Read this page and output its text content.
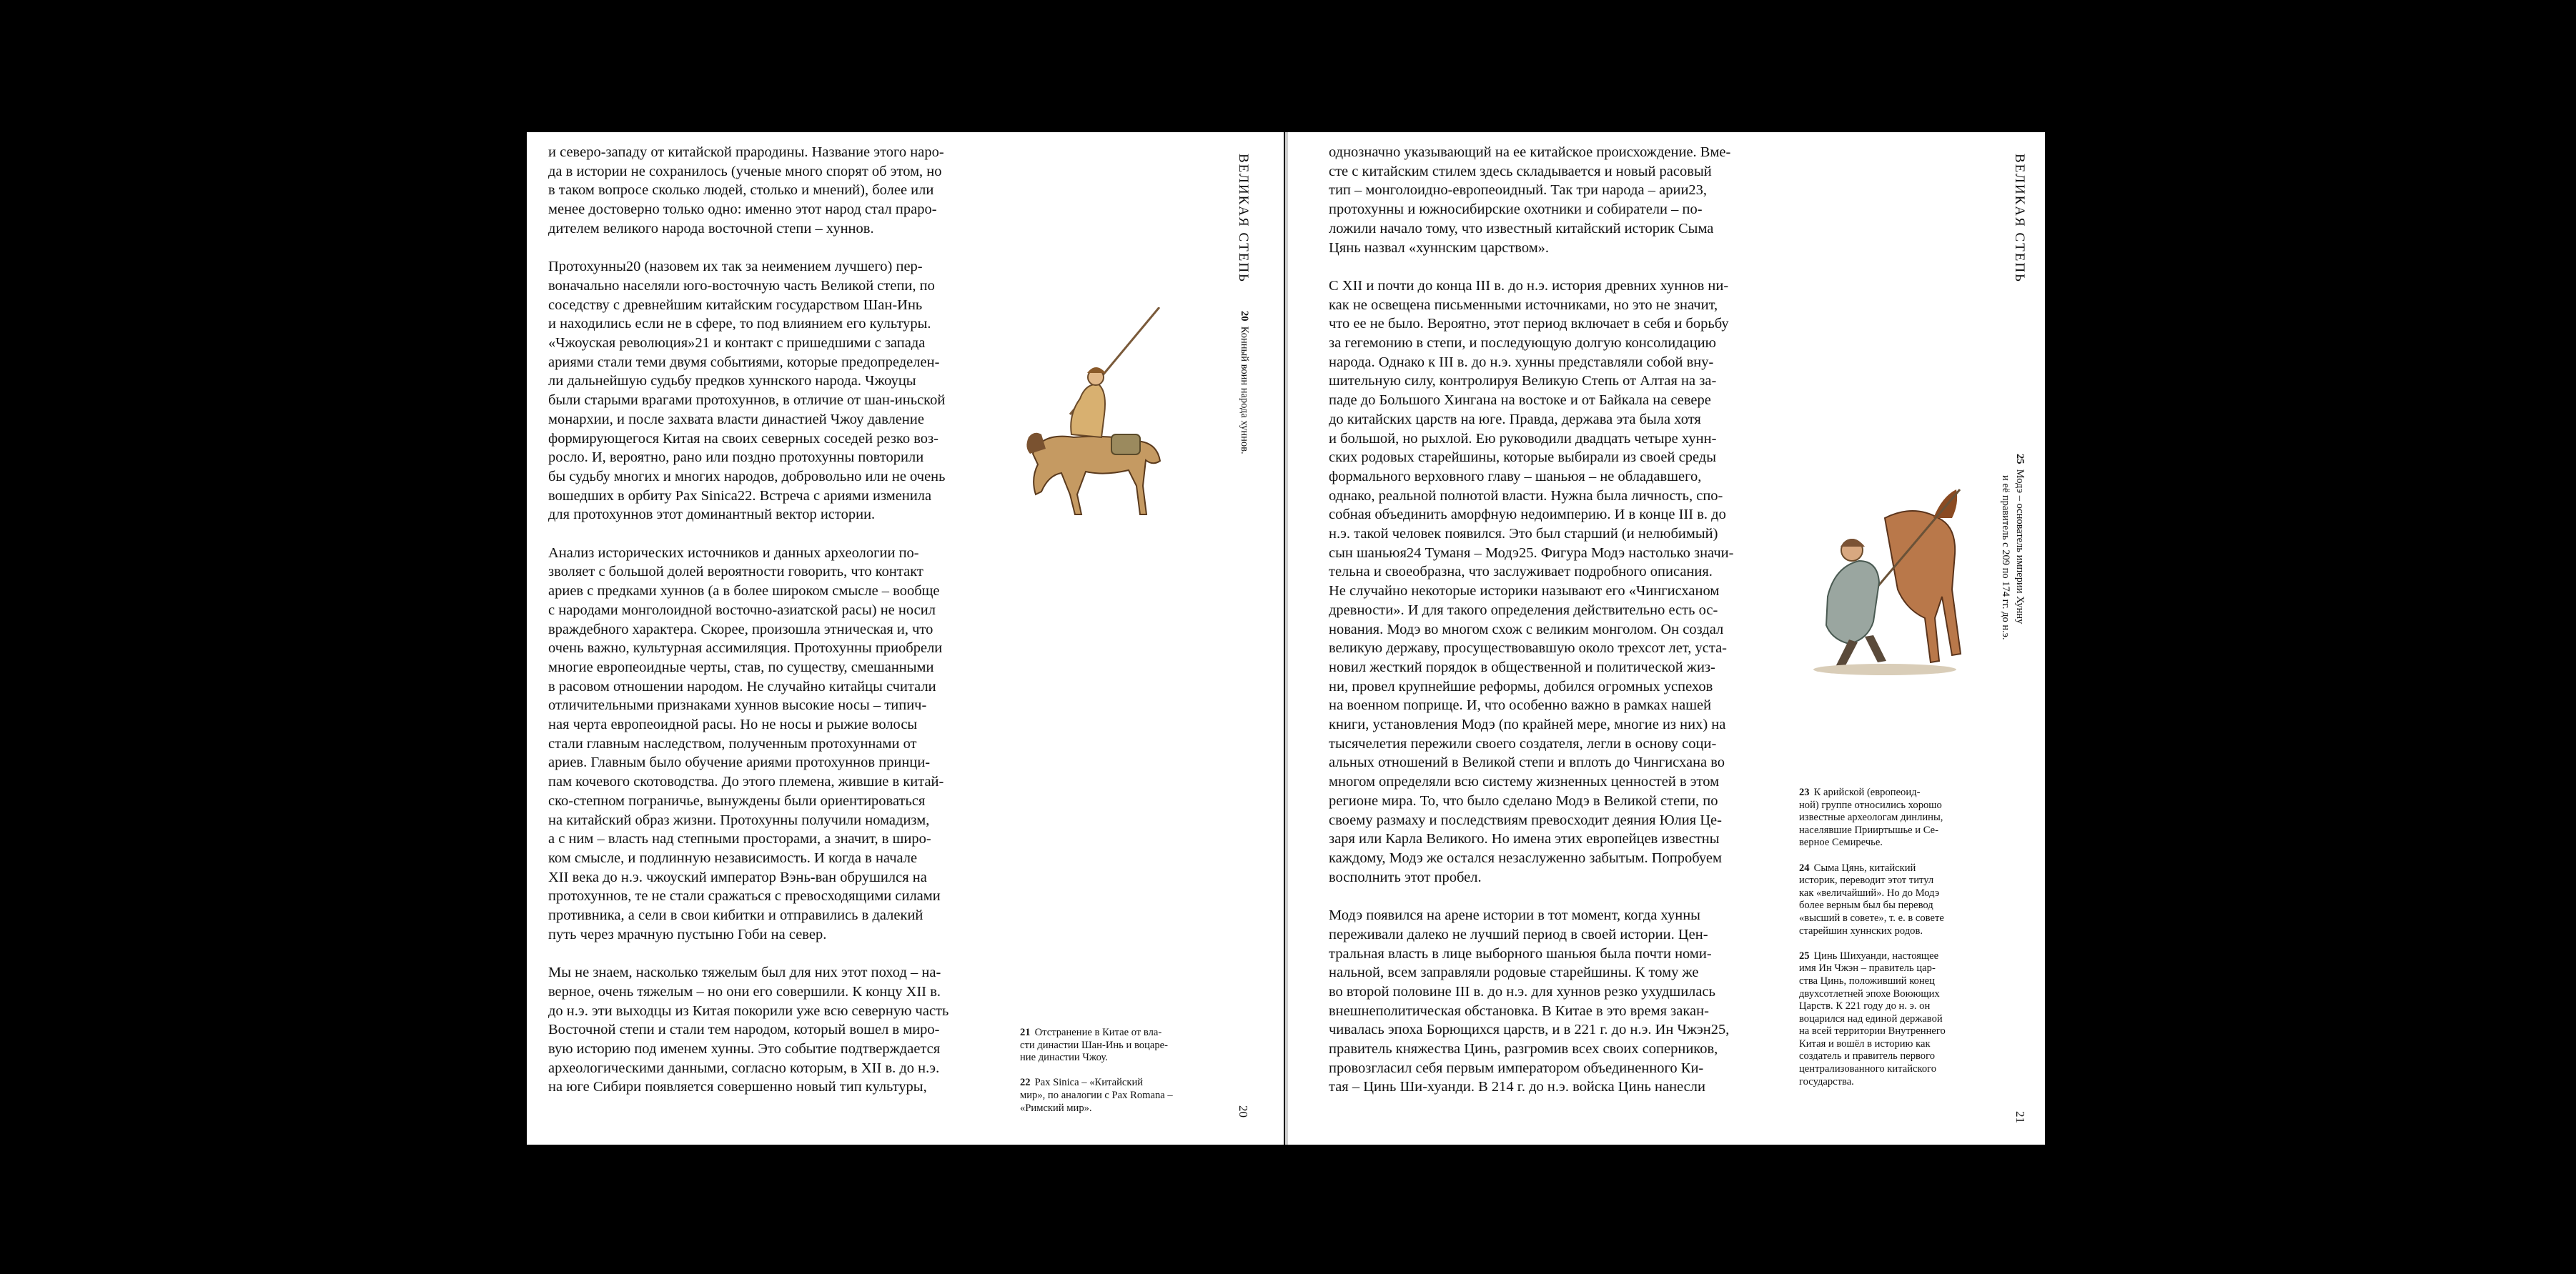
и северо-западу от китайской прародины. Название этого наро-

да в истории не сохранилось (ученые много спорят об этом, но

в таком вопросе сколько людей, столько и мнений), более или

менее достоверно только одно: именно этот народ стал прaро-

дителем великого народа восточной степи – хуннов.

Протохунны20 (назовем их так за неимением лучшего) пер-

воначально населяли юго-восточную часть Великой степи, по

соседству с древнейшим китайским государством Шан-Инь

и находились если не в сфере, то под влиянием его культуры.

«Чжоуская революция»21 и контакт с пришедшими с запада

ариями стали теми двумя событиями, которые предопределен-

ли дальнейшую судьбу предков хуннского народа. Чжоуцы

были старыми врагами протохуннов, в отличие от шан-иньской

монархии, и после захвата власти династией Чжоу давление

формирующегося Китая на своих северных соседей резко воз-

росло. И, вероятно, рано или поздно протохунны повторили

бы судьбу многих и многих народов, добровольно или не очень

вошедших в орбиту Pax Sinica22. Встреча с ариями изменила

для протохуннов этот доминантный вектор истории.

Анализ исторических источников и данных археологии по-

зволяет с большой долей вероятности говорить, что контакт

ариев с предками хуннов (а в более широком смысле – вообще

с народами монголоидной восточно-азиатской расы) не носил

враждебного характера. Скорее, произошла этническая и, что

очень важно, культурная ассимиляция. Протохунны приобрели

многие европеоидные черты, став, по существу, смешанными

в расовом отношении народом. Не случайно китайцы считали

отличительными признаками хуннов высокие носы – типич-

ная черта европеоидной расы. Но не носы и рыжие волосы

стали главным наследством, полученным протохуннами от

ариев. Главным было обучение ариями протохуннов принци-

пам кочевого скотоводства. До этого племена, жившие в китай-

ско-степном пограничье, вынуждены были ориентироваться

на китайский образ жизни. Протохунны получили номадизм,

а с ним – власть над степными просторами, а значит, в широ-

ком смысле, и подлинную независимость. И когда в начале

XII века до н.э. чжоуский император Вэнь-ван обрушился на

протохуннов, те не стали сражаться с превосходящими силами

противника, а сели в свои кибитки и отправились в далекий

путь через мрачную пустыню Гоби на север.

Мы не знаем, насколько тяжелым был для них этот поход – на-

верное, очень тяжелым – но они его совершили. К концу XII в.

до н.э. эти выходцы из Китая покорили уже всю северную часть

Восточной степи и стали тем народом, который вошел в миро-

вую историю под именем хунны. Это событие подтверждается

археологическими данными, согласно которым, в XII в. до н.э.

на юге Сибири появляется совершенно новый тип культуры,

ВЕЛИКАЯ СТЕПЬ
20  Конный воин народа хуннов.
20

21 Отстранение в Китае от вла-

сти династии Шан-Инь и воцаре-

ние династии Чжоу.

22 Pax Sinica – «Китайский

мир», по аналогии с Pax Romana –

«Римский мир».

однозначно указывающий на ее китайское происхождение. Вме-

сте с китайским стилем здесь складывается и новый расовый

тип – монголоидно-европеоидный. Так три народа – арии23,

протохунны и южносибирские охотники и собиратели – по-

ложили начало тому, что известный китайский историк Сыма

Цянь назвал «хуннским царством».

С XII и почти до конца III в. до н.э. история древних хуннов ни-

как не освещена письменными источниками, но это не значит,

что ее не было. Вероятно, этот период включает в себя и борьбу

за гегемонию в степи, и последующую долгую консолидацию

народа. Однако к III в. до н.э. хунны представляли собой вну-

шительную силу, контролируя Великую Степь от Алтая на за-

паде до Большого Хингана на востоке и от Байкала на севере

до китайских царств на юге. Правда, держава эта была хотя

и большой, но рыхлой. Ею руководили двадцать четыре хунн-

ских родовых старейшины, которые выбирали из своей среды

формального верховного главу – шаньюя – не обладавшего,

однако, реальной полнотой власти. Нужна была личность, спо-

собная объединить аморфную недоимперию. И в конце III в. до

н.э. такой человек появился. Это был старший (и нелюбимый)

сын шаньюя24 Туманя – Модэ25. Фигура Модэ настолько значи-

тельна и своеобразна, что заслуживает подробного описания.

Не случайно некоторые историки называют его «Чингисханом

древности». И для такого определения действительно есть ос-

нования. Модэ во многом схож с великим монголом. Он создал

великую державу, просуществовавшую около трехсот лет, уста-

новил жесткий порядок в общественной и политической жиз-

ни, провел крупнейшие реформы, добился огромных успехов

на военном поприще. И, что особенно важно в рамках нашей

книги, установления Модэ (по крайней мере, многие из них) на

тысячелетия пережили своего создателя, легли в основу соци-

альных отношений в Великой степи и вплоть до Чингисхана во

многом определяли всю систему жизненных ценностей в этом

регионе мира. То, что было сделано Модэ в Великой степи, по

своему размаху и последствиям превосходит деяния Юлия Це-

заря или Карла Великого. Но имена этих европейцев известны

каждому, Модэ же остался незаслуженно забытым. Попробуем

восполнить этот пробел.

Модэ появился на арене истории в тот момент, когда хунны

переживали далеко не лучший период в своей истории. Цен-

тральная власть в лице выборного шаньюя была почти номи-

нальной, всем заправляли родовые старейшины. К тому же

во второй половине III в. до н.э. для хуннов резко ухудшилась

внешнеполитическая обстановка. В Китае в это время закан-

чивалась эпоха Борющихся царств, и в 221 г. до н.э. Ин Чжэн25,

правитель княжества Цинь, разгромив всех своих соперников,

провозгласил себя первым императором объединенного Ки-

тая – Цинь Ши-хуанди. В 214 г. до н.э. войска Цинь нанесли

ВЕЛИКАЯ СТЕПЬ
25  Модэ – основатель империи Хуннy
и её правитель с 209 по 174 гг. до н.э.
21

23 К арийской (европеоид-

ной) группе относились хорошо

известные археологам динлины,

населявшие Прииртышье и Се-

верное Семиречье.

24 Сыма Цянь, китайский

историк, переводит этот титул

как «величайший». Но до Модэ

более верным был бы перевод

«высший в совете», т. е. в совете

старейшин хуннских родов.

25 Цинь Шихуанди, настоящее

имя Ин Чжэн – правитель цар-

ства Цинь, положивший конец

двухсотлетней эпохе Воюющих

Царств. К 221 году до н. э. он

воцарился над единой державой

на всей территории Внутреннего

Китая и вошёл в историю как

создатель и правитель первого

централизованного китайского

государства.
